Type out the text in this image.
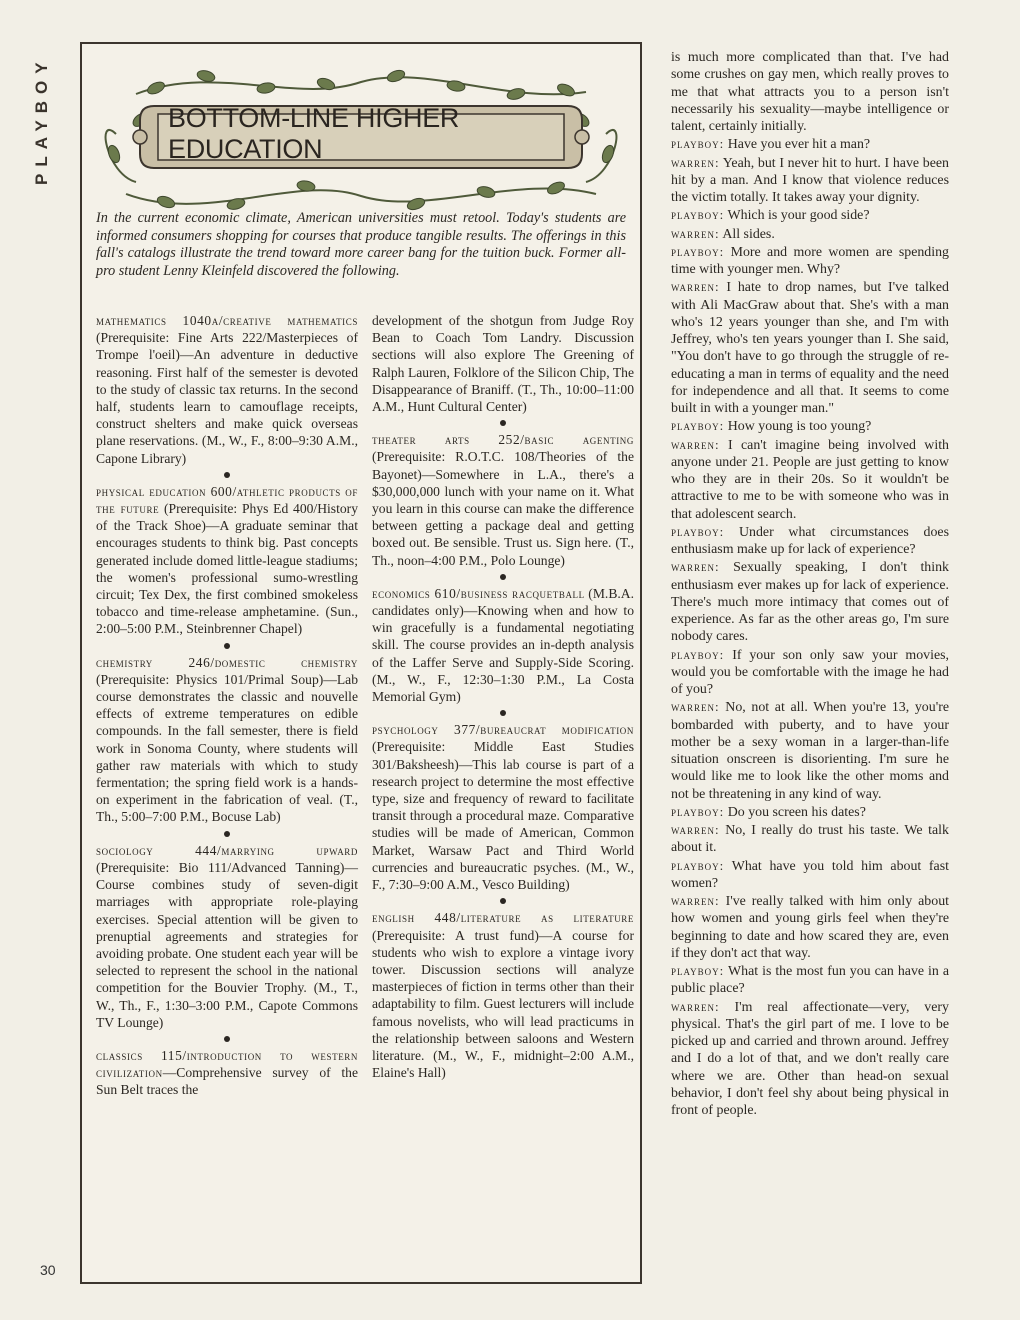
PLAYBOY
30
BOTTOM-LINE HIGHER EDUCATION
In the current economic climate, American universities must retool. Today's students are informed consumers shopping for courses that produce tangible results. The offerings in this fall's catalogs illustrate the trend toward more career bang for the tuition buck. Former all-pro student Lenny Kleinfeld discovered the following.

mathematics 1040a/creative mathematics (Prerequisite: Fine Arts 222/Masterpieces of Trompe l'oeil)—An adventure in deductive reasoning. First half of the semester is devoted to the study of classic tax returns. In the second half, students learn to camouflage receipts, construct shelters and make quick overseas plane reservations. (M., W., F., 8:00–9:30 A.M., Capone Library)

physical education 600/athletic products of the future (Prerequisite: Phys Ed 400/History of the Track Shoe)—A graduate seminar that encourages students to think big. Past concepts generated include domed little-league stadiums; the women's professional sumo-wrestling circuit; Tex Dex, the first combined smokeless tobacco and time-release amphetamine. (Sun., 2:00–5:00 P.M., Steinbrenner Chapel)

chemistry 246/domestic chemistry (Prerequisite: Physics 101/Primal Soup)—Lab course demonstrates the classic and nouvelle effects of extreme temperatures on edible compounds. In the fall semester, there is field work in Sonoma County, where students will gather raw materials with which to study fermentation; the spring field work is a hands-on experiment in the fabrication of veal. (T., Th., 5:00–7:00 P.M., Bocuse Lab)

sociology 444/marrying upward (Prerequisite: Bio 111/Advanced Tanning)—Course combines study of seven-digit marriages with appropriate role-playing exercises. Special attention will be given to prenuptial agreements and strategies for avoiding probate. One student each year will be selected to represent the school in the national competition for the Bouvier Trophy. (M., T., W., Th., F., 1:30–3:00 P.M., Capote Commons TV Lounge)

classics 115/introduction to western civilization—Comprehensive survey of the Sun Belt traces the

development of the shotgun from Judge Roy Bean to Coach Tom Landry. Discussion sections will also explore The Greening of Ralph Lauren, Folklore of the Silicon Chip, The Disappearance of Braniff. (T., Th., 10:00–11:00 A.M., Hunt Cultural Center)

theater arts 252/basic agenting (Prerequisite: R.O.T.C. 108/Theories of the Bayonet)—Somewhere in L.A., there's a $30,000,000 lunch with your name on it. What you learn in this course can make the difference between getting a package deal and getting boxed out. Be sensible. Trust us. Sign here. (T., Th., noon–4:00 P.M., Polo Lounge)

economics 610/business racquetball (M.B.A. candidates only)—Knowing when and how to win gracefully is a fundamental negotiating skill. The course provides an in-depth analysis of the Laffer Serve and Supply-Side Scoring. (M., W., F., 12:30–1:30 P.M., La Costa Memorial Gym)

psychology 377/bureaucrat modification (Prerequisite: Middle East Studies 301/Baksheesh)—This lab course is part of a research project to determine the most effective type, size and frequency of reward to facilitate transit through a procedural maze. Comparative studies will be made of American, Common Market, Warsaw Pact and Third World currencies and bureaucratic psyches. (M., W., F., 7:30–9:00 A.M., Vesco Building)

english 448/literature as literature (Prerequisite: A trust fund)—A course for students who wish to explore a vintage ivory tower. Discussion sections will analyze masterpieces of fiction in terms other than their adaptability to film. Guest lecturers will include famous novelists, who will lead practicums in the relationship between saloons and Western literature. (M., W., F., midnight–2:00 A.M., Elaine's Hall)

is much more complicated than that. I've had some crushes on gay men, which really proves to me that what attracts you to a person isn't necessarily his sexuality—maybe intelligence or talent, certainly initially.

playboy: Have you ever hit a man?

warren: Yeah, but I never hit to hurt. I have been hit by a man. And I know that violence reduces the victim totally. It takes away your dignity.

playboy: Which is your good side?

warren: All sides.

playboy: More and more women are spending time with younger men. Why?

warren: I hate to drop names, but I've talked with Ali MacGraw about that. She's with a man who's 12 years younger than she, and I'm with Jeffrey, who's ten years younger than I. She said, "You don't have to go through the struggle of re-educating a man in terms of equality and the need for independence and all that. It seems to come built in with a younger man."

playboy: How young is too young?

warren: I can't imagine being involved with anyone under 21. People are just getting to know who they are in their 20s. So it wouldn't be attractive to me to be with someone who was in that adolescent search.

playboy: Under what circumstances does enthusiasm make up for lack of experience?

warren: Sexually speaking, I don't think enthusiasm ever makes up for lack of experience. There's much more intimacy that comes out of experience. As far as the other areas go, I'm sure nobody cares.

playboy: If your son only saw your movies, would you be comfortable with the image he had of you?

warren: No, not at all. When you're 13, you're bombarded with puberty, and to have your mother be a sexy woman in a larger-than-life situation onscreen is disorienting. I'm sure he would like me to look like the other moms and not be threatening in any kind of way.

playboy: Do you screen his dates?

warren: No, I really do trust his taste. We talk about it.

playboy: What have you told him about fast women?

warren: I've really talked with him only about how women and young girls feel when they're beginning to date and how scared they are, even if they don't act that way.

playboy: What is the most fun you can have in a public place?

warren: I'm real affectionate—very, very physical. That's the girl part of me. I love to be picked up and carried and thrown around. Jeffrey and I do a lot of that, and we don't really care where we are. Other than head-on sexual behavior, I don't feel shy about being physical in front of people.
